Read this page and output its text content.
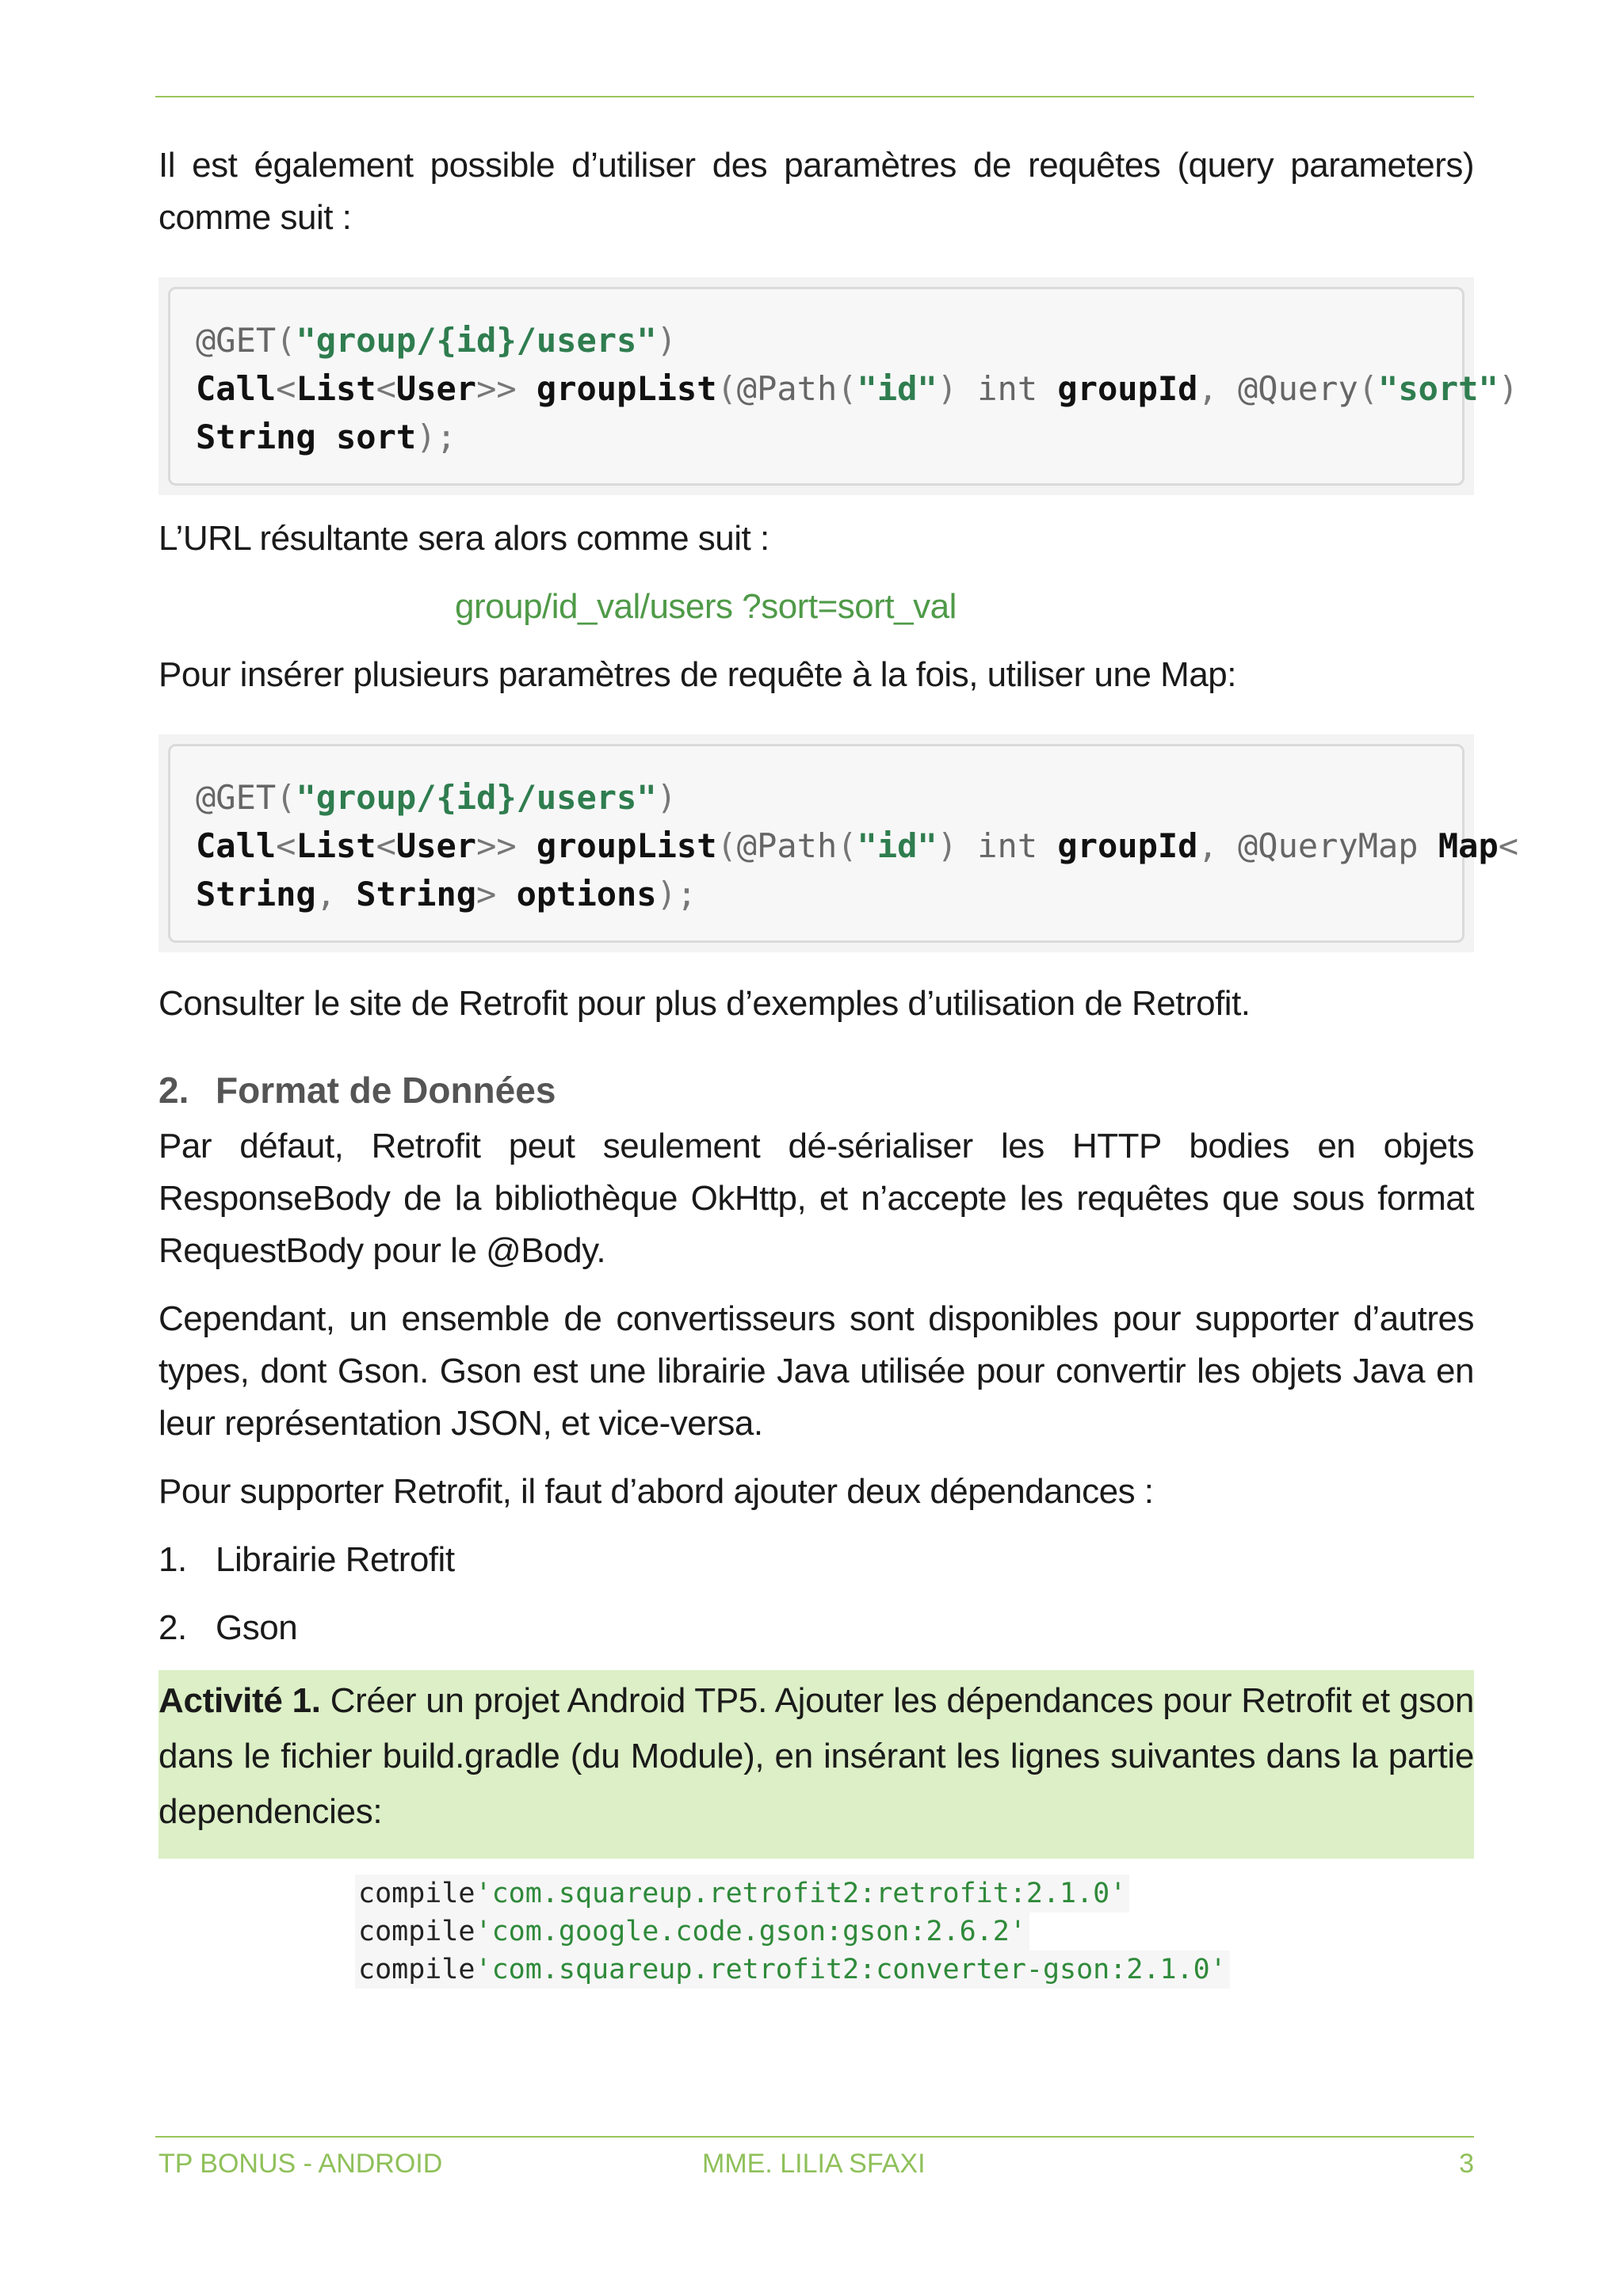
Il est également possible d’utiliser des paramètres de requêtes (query parameters) comme suit :

@GET("group/{id}/users")
Call<List<User>> groupList(@Path("id") int groupId, @Query("sort")
String sort);

L’URL résultante sera alors comme suit :

group/id_val/users ?sort=sort_val

Pour insérer plusieurs paramètres de requête à la fois, utiliser une Map:

@GET("group/{id}/users")
Call<List<User>> groupList(@Path("id") int groupId, @QueryMap Map<
String, String> options);

Consulter le site de Retrofit pour plus d’exemples d’utilisation de Retrofit.

2. Format de Données

Par défaut, Retrofit peut seulement dé-sérialiser les HTTP bodies en objets ResponseBody de la bibliothèque OkHttp, et n’accepte les requêtes que sous format RequestBody pour le @Body.

Cependant, un ensemble de convertisseurs sont disponibles pour supporter d’autres types, dont Gson. Gson est une librairie Java utilisée pour convertir les objets Java en leur représentation JSON, et vice-versa.

Pour supporter Retrofit, il faut d’abord ajouter deux dépendances :

1. Librairie Retrofit
2. Gson
Activité 1. Créer un projet Android TP5. Ajouter les dépendances pour Retrofit et gson dans le fichier build.gradle (du Module), en insérant les lignes suivantes dans la partie dependencies:
compile'com.squareup.retrofit2:retrofit:2.1.0'
compile'com.google.code.gson:gson:2.6.2'
compile'com.squareup.retrofit2:converter-gson:2.1.0'
TP BONUS - ANDROID	MME. LILIA SFAXI	3
